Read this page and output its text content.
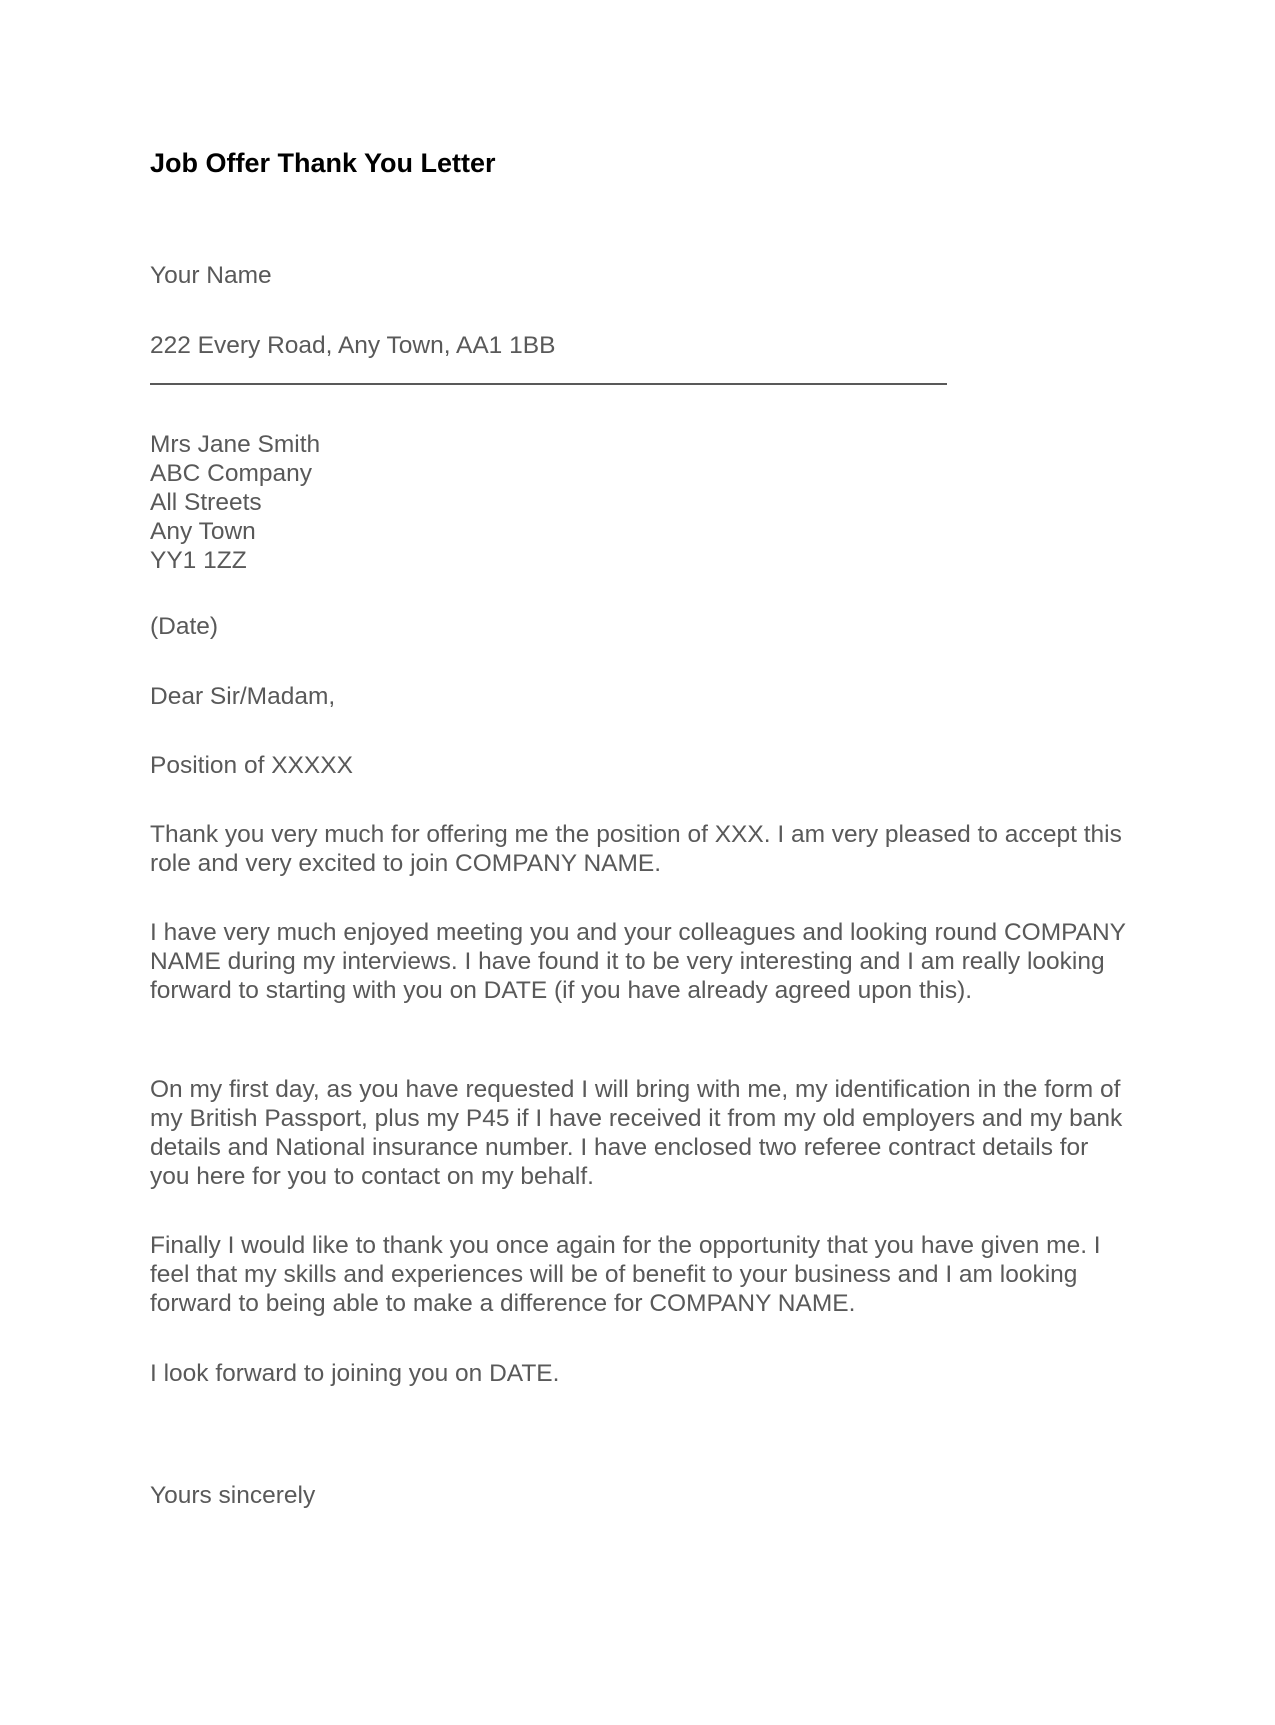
Job Offer Thank You Letter

Your Name

222 Every Road, Any Town, AA1 1BB

Mrs Jane Smith
ABC Company
All Streets
Any Town
YY1 1ZZ

(Date)

Dear Sir/Madam,

Position of XXXXX

Thank you very much for offering me the position of XXX. I am very pleased to accept this role and very excited to join COMPANY NAME.

I have very much enjoyed meeting you and your colleagues and looking round COMPANY NAME during my interviews. I have found it to be very interesting and I am really looking forward to starting with you on DATE (if you have already agreed upon this).

On my first day, as you have requested I will bring with me, my identification in the form of my British Passport, plus my P45 if I have received it from my old employers and my bank details and National insurance number. I have enclosed two referee contract details for you here for you to contact on my behalf.

Finally I would like to thank you once again for the opportunity that you have given me. I feel that my skills and experiences will be of benefit to your business and I am looking forward to being able to make a difference for COMPANY NAME.

I look forward to joining you on DATE.

Yours sincerely
